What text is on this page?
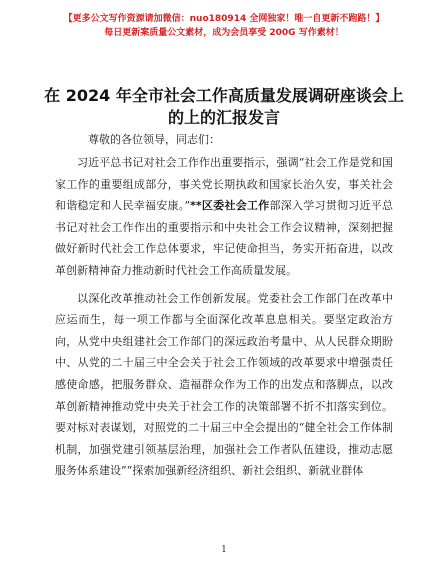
【更多公文写作资源请加微信：nuo180914 全网独家！唯一自更新不跑路！】
每日更新案质量公文素材，成为会员享受 200G 写作素材！
在 2024 年全市社会工作高质量发展调研座谈会上的上的汇报发言
尊敬的各位领导，同志们：

习近平总书记对社会工作作出重要指示，强调“社会工作是党和国家工作的重要组成部分，事关党长期执政和国家长治久安，事关社会和谐稳定和人民幸福安康。”**区委社会工作部深入学习贯彻习近平总书记对社会工作作出的重要指示和中央社会工作会议精神，深刻把握做好新时代社会工作总体要求，牢记使命担当，务实开拓奋进，以改革创新精神奋力推动新时代社会工作高质量发展。

以深化改革推动社会工作创新发展。党委社会工作部门在改革中应运而生，每一项工作都与全面深化改革息息相关。要坚定政治方向，从党中央组建社会工作部门的深远政治考量中、从人民群众期盼中、从党的二十届三中全会关于社会工作领域的改革要求中增强责任感使命感，把服务群众、造福群众作为工作的出发点和落脚点，以改革创新精神推动党中央关于社会工作的决策部署不折不扣落实到位。要对标对表谋划，对照党的二十届三中全会提出的“健全社会工作体制机制，加强党建引领基层治理，加强社会工作者队伍建设，推动志愿服务体系建设”“探索加强新经济组织、新社会组织、新就业群体

1
